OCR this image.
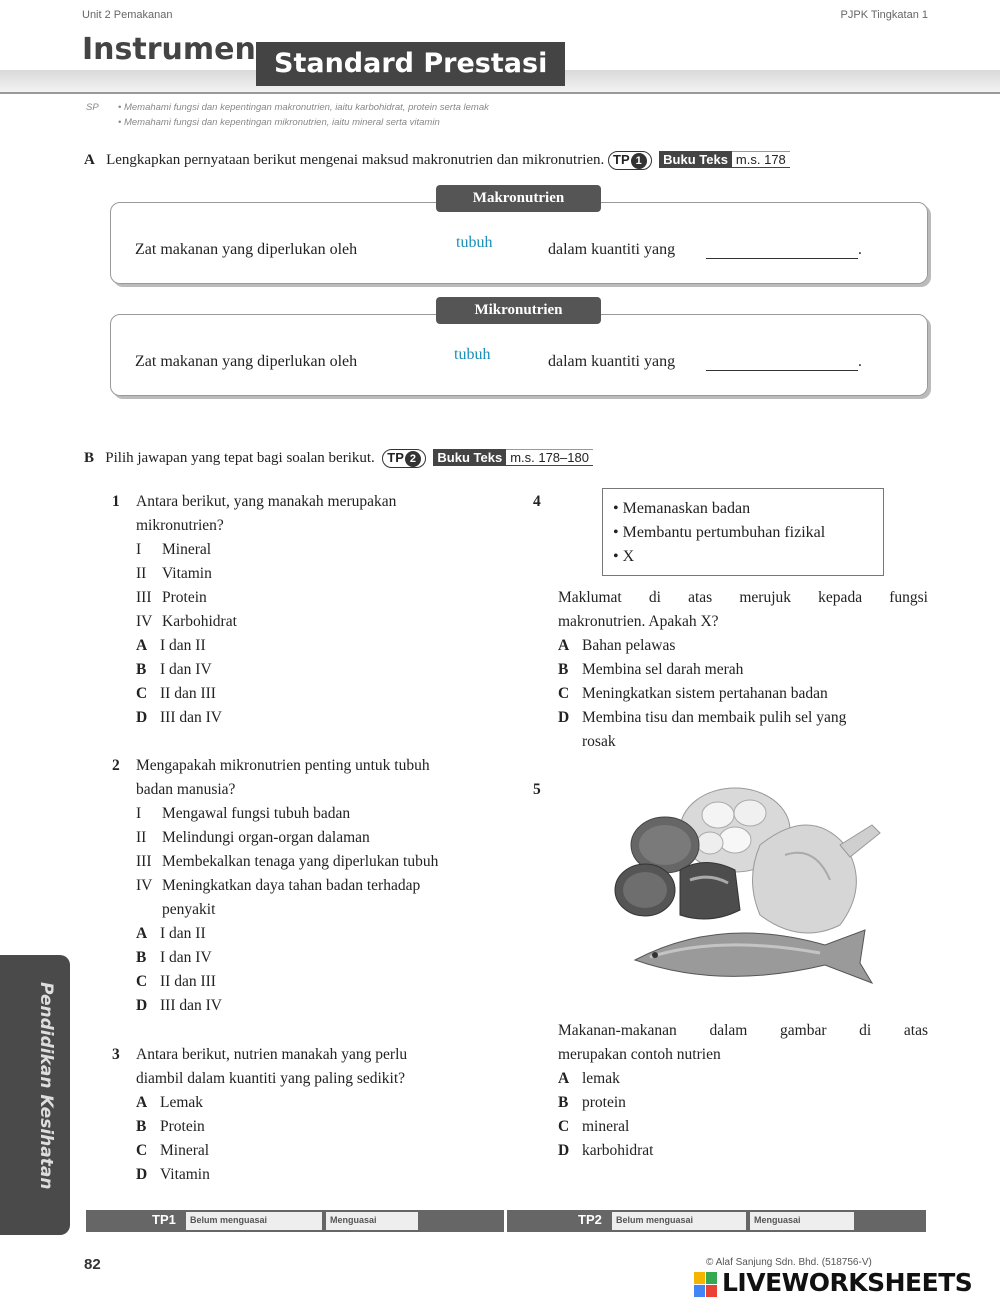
Unit 2 Pemakanan	PJPK Tingkatan 1
Instrumen Standard Prestasi
SP • Memahami fungsi dan kepentingan makronutrien, iaitu karbohidrat, protein serta lemak
• Memahami fungsi dan kepentingan mikronutrien, iaitu mineral serta vitamin
A Lengkapkan pernyataan berikut mengenai maksud makronutrien dan mikronutrien. TP 1 Buku Teks m.s. 178
Makronutrien
Zat makanan yang diperlukan oleh	tubuh	dalam kuantiti yang	.
Mikronutrien
Zat makanan yang diperlukan oleh	tubuh	dalam kuantiti yang	.
B Pilih jawapan yang tepat bagi soalan berikut. TP 2 Buku Teks m.s. 178–180
1 Antara berikut, yang manakah merupakan
mikronutrien?
I Mineral
II Vitamin
III Protein
IV Karbohidrat
A I dan II
B I dan IV
C II dan III
D III dan IV
2 Mengapakah mikronutrien penting untuk tubuh
badan manusia?
I Mengawal fungsi tubuh badan
II Melindungi organ-organ dalaman
III Membekalkan tenaga yang diperlukan tubuh
IV Meningkatkan daya tahan badan terhadap
penyakit
A I dan II
B I dan IV
C II dan III
D III dan IV
3 Antara berikut, nutrien manakah yang perlu
diambil dalam kuantiti yang paling sedikit?
A Lemak
B Protein
C Mineral
D Vitamin
4	• Memanaskan badan
• Membantu pertumbuhan fizikal
• X
Maklumat di atas merujuk kepada fungsi
makronutrien. Apakah X?
A Bahan pelawas
B Membina sel darah merah
C Meningkatkan sistem pertahanan badan
D Membina tisu dan membaik pulih sel yang
rosak
5
Makanan-makanan dalam gambar di atas
merupakan contoh nutrien
A lemak
B protein
C mineral
D karbohidrat
Pendidikan Kesihatan
TP1	Belum menguasai	Menguasai	TP2	Belum menguasai	Menguasai
82	© Alaf Sanjung Sdn. Bhd. (518756-V)
LIVEWORKSHEETS
